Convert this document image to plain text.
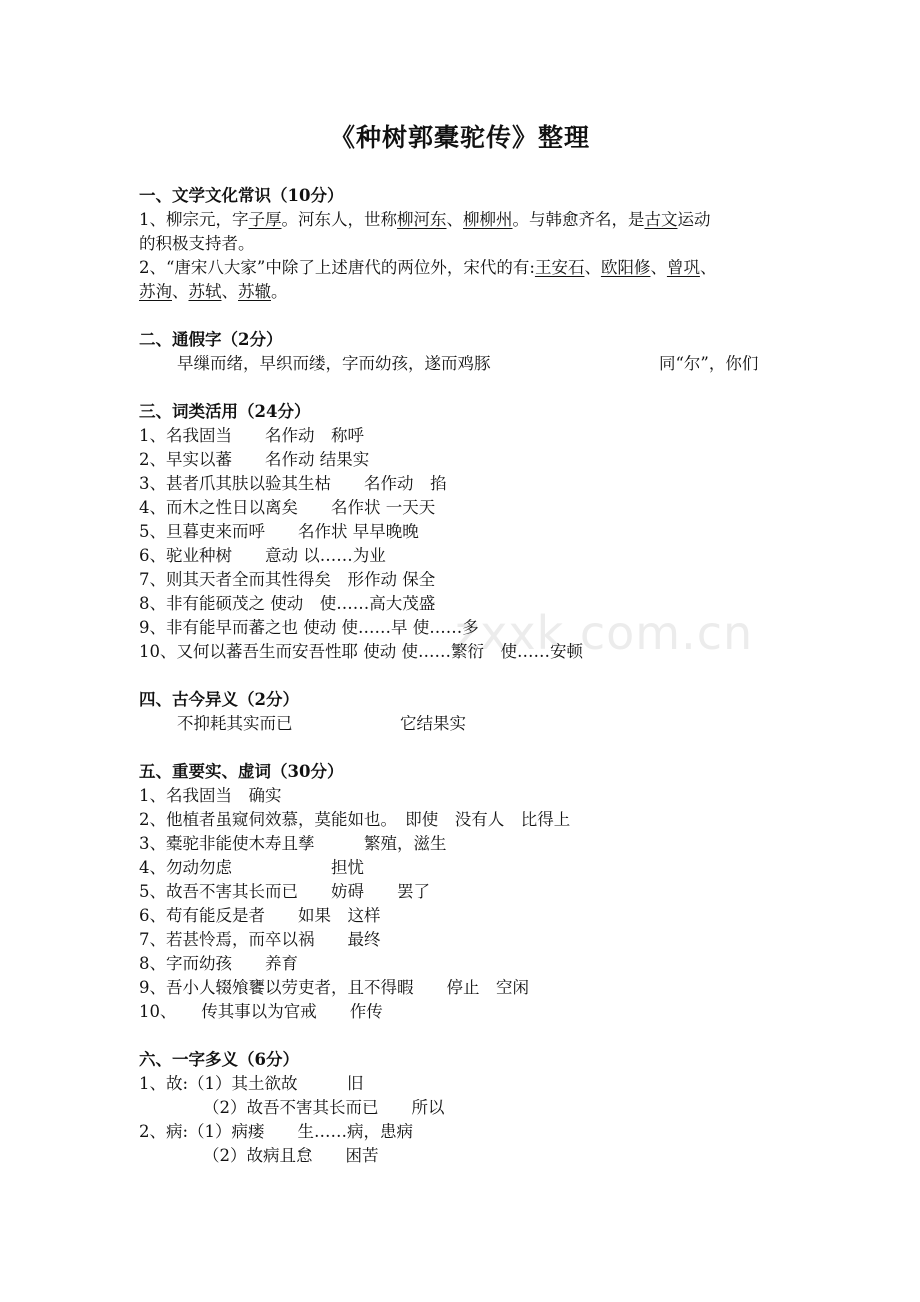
zxxk.com.cn
《种树郭橐驼传》整理
一、文学文化常识（10分）
1、柳宗元，字子厚。河东人，世称柳河东、柳柳州。与韩愈齐名，是古文运动
的积极支持者。
2、“唐宋八大家”中除了上述唐代的两位外，宋代的有:王安石、欧阳修、曾巩、
苏洵、苏轼、苏辙。
二、通假字（2分）
早缫而绪，早织而缕，字而幼孩，遂而鸡豚	同“尔”，你们
三、词类活用（24分）
1、名我固当　　名作动　称呼
2、早实以蕃　　名作动 结果实
3、甚者爪其肤以验其生枯　　名作动　掐
4、而木之性日以离矣　　名作状 一天天
5、旦暮吏来而呼　　名作状 早早晚晚
6、驼业种树　　意动 以……为业
7、则其天者全而其性得矣　形作动 保全
8、非有能硕茂之 使动　使……高大茂盛
9、非有能早而蕃之也 使动 使……早 使……多
10、又何以蕃吾生而安吾性耶 使动 使……繁衍　使……安顿
四、古今异义（2分）
不抑耗其实而已	它结果实
五、重要实、虚词（30分）
1、名我固当　确实
2、他植者虽窥伺效慕，莫能如也。　即使　没有人　比得上
3、橐驼非能使木寿且孳　　　繁殖，滋生
4、勿动勿虑　　　　　　担忧
5、故吾不害其长而已　　妨碍　　罢了
6、苟有能反是者　　如果　这样
7、若甚怜焉，而卒以祸　　最终
8、字而幼孩　　养育
9、吾小人辍飧饔以劳吏者，且不得暇　　停止　空闲
10、　　传其事以为官戒　　作传
六、一字多义（6分）
1、故:（1）其土欲故　　　旧
（2）故吾不害其长而已　　所以
2、病:（1）病瘘　　生……病，患病
（2）故病且怠　　困苦
